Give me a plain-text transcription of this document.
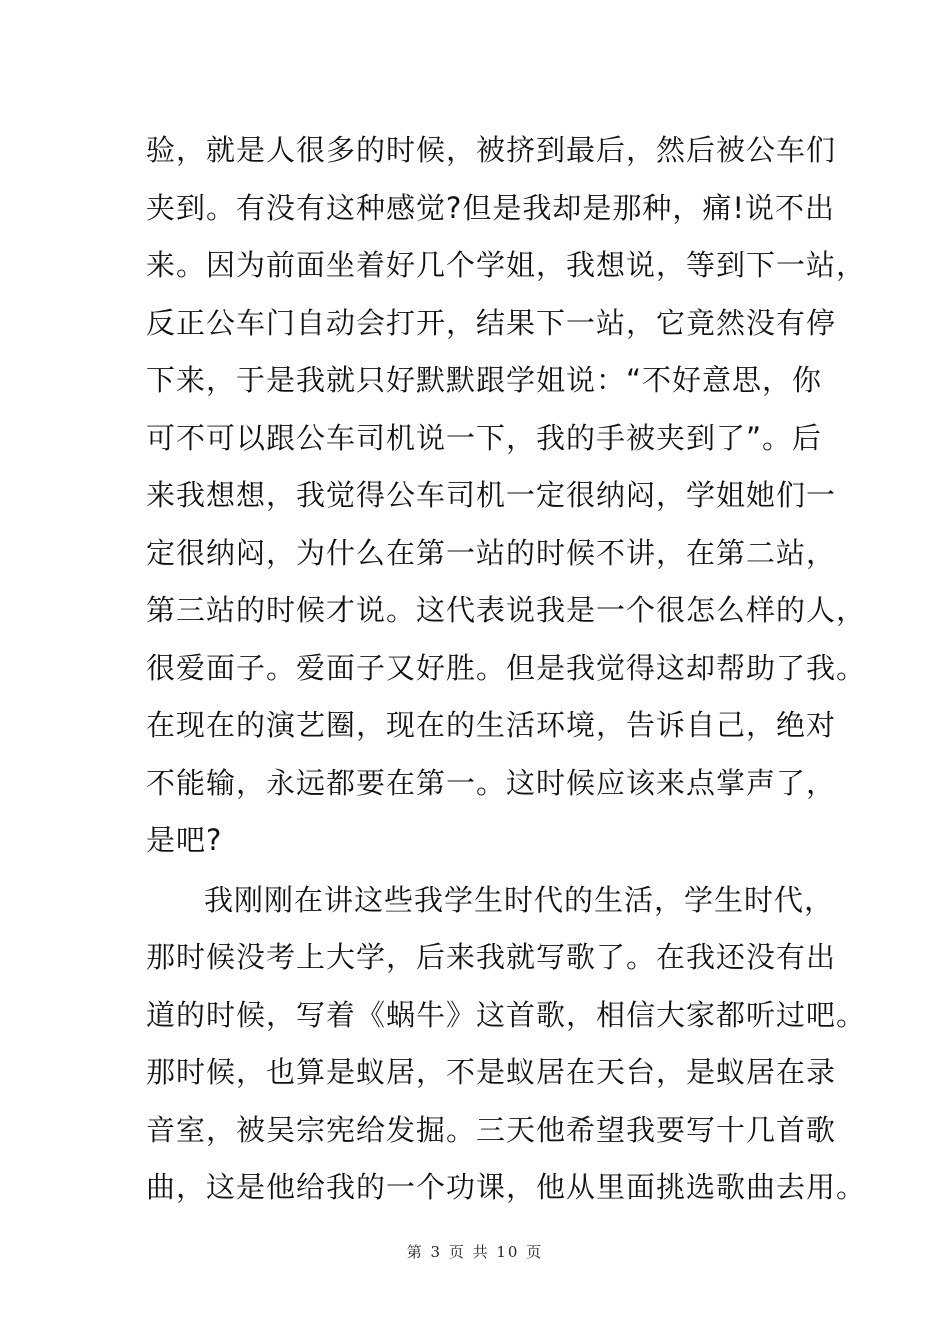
验，就是人很多的时候，被挤到最后，然后被公车们
夹到。有没有这种感觉?但是我却是那种，痛!说不出
来。因为前面坐着好几个学姐，我想说，等到下一站，
反正公车门自动会打开，结果下一站，它竟然没有停
下来，于是我就只好默默跟学姐说：“不好意思，你
可不可以跟公车司机说一下，我的手被夹到了”。后
来我想想，我觉得公车司机一定很纳闷，学姐她们一
定很纳闷，为什么在第一站的时候不讲，在第二站，
第三站的时候才说。这代表说我是一个很怎么样的人，
很爱面子。爱面子又好胜。但是我觉得这却帮助了我。
在现在的演艺圈，现在的生活环境，告诉自己，绝对
不能输，永远都要在第一。这时候应该来点掌声了，
是吧?
我刚刚在讲这些我学生时代的生活，学生时代，
那时候没考上大学，后来我就写歌了。在我还没有出
道的时候，写着《蜗牛》这首歌，相信大家都听过吧。
那时候，也算是蚁居，不是蚁居在天台，是蚁居在录
音室，被吴宗宪给发掘。三天他希望我要写十几首歌
曲，这是他给我的一个功课，他从里面挑选歌曲去用。
第 3 页 共 10 页
